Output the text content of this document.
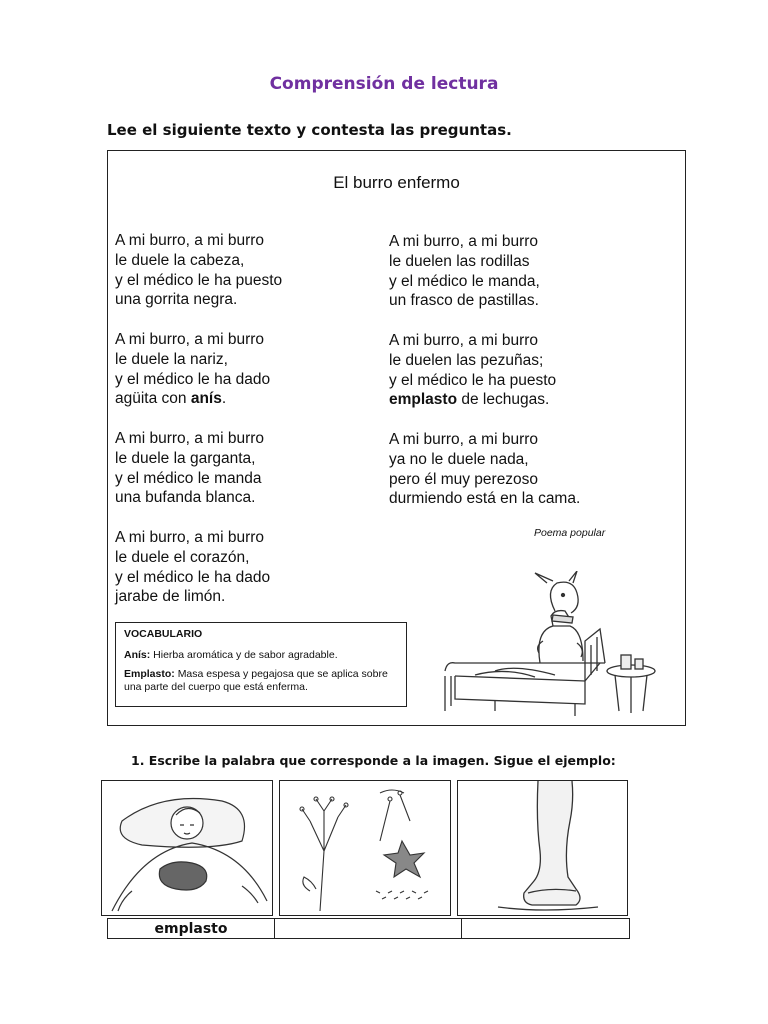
Comprensión de lectura
Lee el siguiente texto y contesta las preguntas.
El burro enfermo

A mi burro, a mi burro

le duele la cabeza,

y el médico le ha puesto

una gorrita negra.

A mi burro, a mi burro

le duele la nariz,

y el médico le ha dado

agüita con anís.

A mi burro, a mi burro

le duele la garganta,

y el médico le manda

una bufanda blanca.

A mi burro, a mi burro

le duele el corazón,

y el médico le ha dado

jarabe de limón.

A mi burro, a mi burro

le duelen las rodillas

y el médico le manda,

un frasco de pastillas.

A mi burro, a mi burro

le duelen las pezuñas;

y el médico le ha puesto

emplasto de lechugas.

A mi burro, a mi burro

ya no le duele nada,

pero él muy perezoso

durmiendo está en la cama.

Poema popular
VOCABULARIO

Anís: Hierba aromática y de sabor agradable.

Emplasto: Masa espesa y pegajosa que se aplica sobre una parte del cuerpo que está enferma.

1. Escribe la palabra que corresponde a la imagen. Sigue el ejemplo:
emplasto
